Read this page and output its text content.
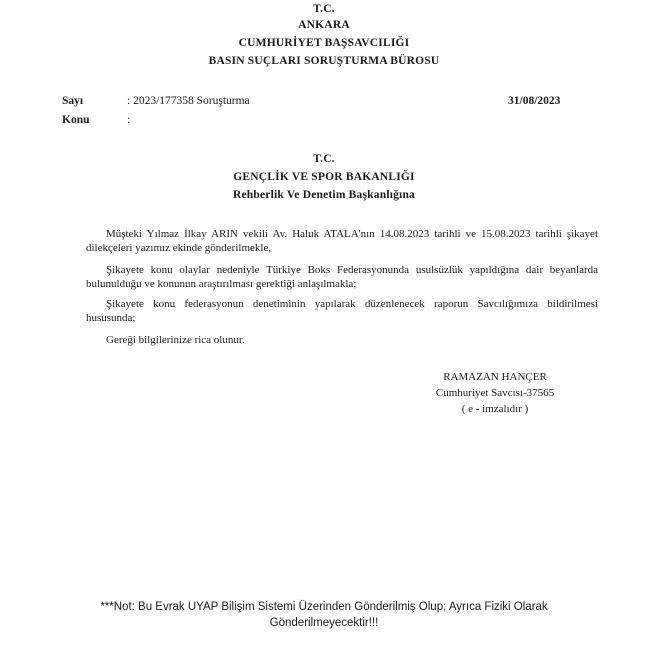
T.C.
ANKARA
CUMHURİYET BAŞSAVCILIĞI
BASIN SUÇLARI SORUŞTURMA BÜROSU
Sayı	: 2023/177358 Soruşturma	31/08/2023
Konu	:
T.C.
GENÇLİK VE SPOR BAKANLIĞI
Rehberlik Ve Denetim Başkanlığına
Müşteki Yılmaz İlkay ARIN vekili Av. Haluk ATALA'nın 14.08.2023 tarihli ve 15.08.2023 tarihli şikayet dilekçeleri yazımız ekinde gönderilmekle,
Şikayete konu olaylar nedeniyle Türkiye Boks Federasyonunda usulsüzlük yapıldığına dair beyanlarda bulunulduğu ve konunun araştırılması gerektiği anlaşılmakla;
Şikayete konu federasyonun denetiminin yapılarak düzenlenecek raporun Savcılığımıza bildirilmesi hususunda;
Gereği bilgilerinize rica olunur.
RAMAZAN HANÇER
Cumhuriyet Savcısı-37565
( e - imzalıdır )
***Not: Bu Evrak UYAP Bilişim Sistemi Üzerinden Gönderilmiş Olup; Ayrıca Fiziki Olarak
Gönderilmeyecektir!!!
